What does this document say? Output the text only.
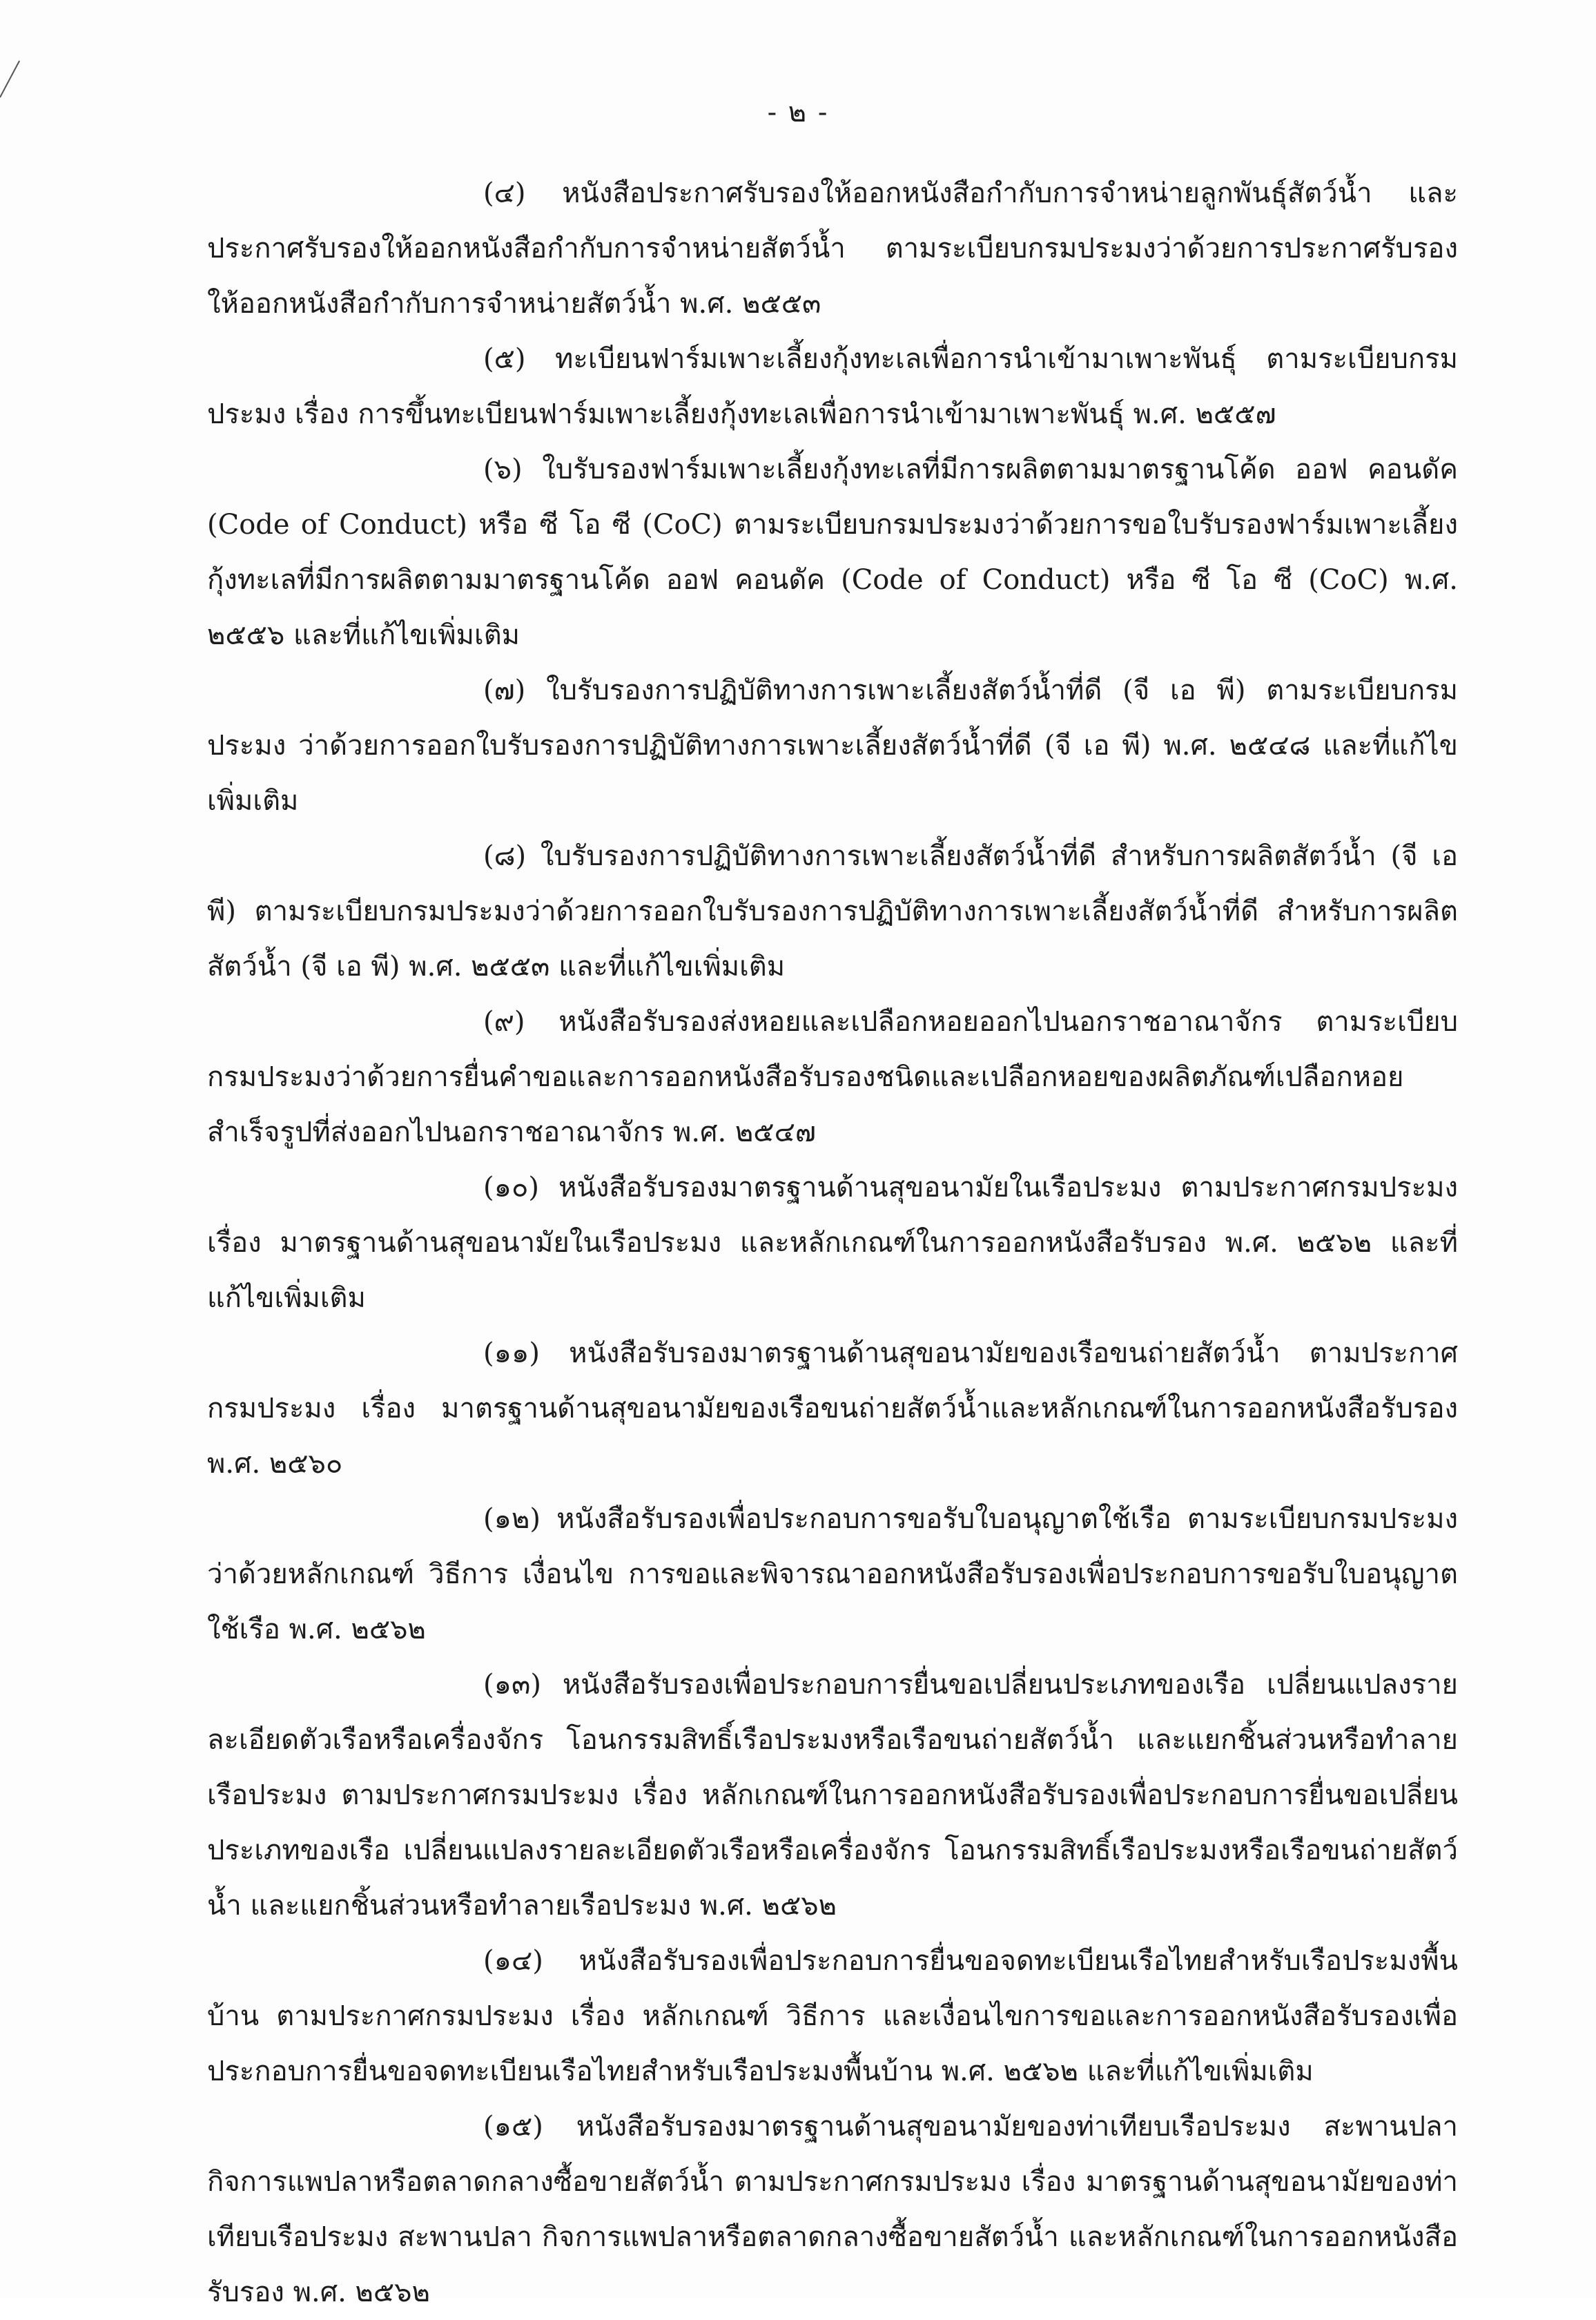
- ๒ -

(๔) หนังสือประกาศรับรองให้ออกหนังสือกำกับการจำหน่ายลูกพันธุ์สัตว์น้ำ และประกาศรับรองให้ออกหนังสือกำกับการจำหน่ายสัตว์น้ำ ตามระเบียบกรมประมงว่าด้วยการประกาศรับรองให้ออกหนังสือกำกับการจำหน่ายสัตว์น้ำ พ.ศ. ๒๕๕๓

(๕) ทะเบียนฟาร์มเพาะเลี้ยงกุ้งทะเลเพื่อการนำเข้ามาเพาะพันธุ์ ตามระเบียบกรมประมง เรื่อง การขึ้นทะเบียนฟาร์มเพาะเลี้ยงกุ้งทะเลเพื่อการนำเข้ามาเพาะพันธุ์ พ.ศ. ๒๕๕๗

(๖) ใบรับรองฟาร์มเพาะเลี้ยงกุ้งทะเลที่มีการผลิตตามมาตรฐานโค้ด ออฟ คอนดัค (Code of Conduct) หรือ ซี โอ ซี (CoC) ตามระเบียบกรมประมงว่าด้วยการขอใบรับรองฟาร์มเพาะเลี้ยงกุ้งทะเลที่มีการผลิตตามมาตรฐานโค้ด ออฟ คอนดัค (Code of Conduct) หรือ ซี โอ ซี (CoC) พ.ศ. ๒๕๕๖ และที่แก้ไขเพิ่มเติม

(๗) ใบรับรองการปฏิบัติทางการเพาะเลี้ยงสัตว์น้ำที่ดี (จี เอ พี) ตามระเบียบกรมประมง ว่าด้วยการออกใบรับรองการปฏิบัติทางการเพาะเลี้ยงสัตว์น้ำที่ดี (จี เอ พี) พ.ศ. ๒๕๔๘ และที่แก้ไขเพิ่มเติม

(๘) ใบรับรองการปฏิบัติทางการเพาะเลี้ยงสัตว์น้ำที่ดี สำหรับการผลิตสัตว์น้ำ (จี เอ พี) ตามระเบียบกรมประมงว่าด้วยการออกใบรับรองการปฏิบัติทางการเพาะเลี้ยงสัตว์น้ำที่ดี สำหรับการผลิตสัตว์น้ำ (จี เอ พี) พ.ศ. ๒๕๕๓ และที่แก้ไขเพิ่มเติม

(๙) หนังสือรับรองส่งหอยและเปลือกหอยออกไปนอกราชอาณาจักร ตามระเบียบกรมประมงว่าด้วยการยื่นคำขอและการออกหนังสือรับรองชนิดและเปลือกหอยของผลิตภัณฑ์เปลือกหอยสำเร็จรูปที่ส่งออกไปนอกราชอาณาจักร พ.ศ. ๒๕๔๗

(๑๐) หนังสือรับรองมาตรฐานด้านสุขอนามัยในเรือประมง ตามประกาศกรมประมง เรื่อง มาตรฐานด้านสุขอนามัยในเรือประมง และหลักเกณฑ์ในการออกหนังสือรับรอง พ.ศ. ๒๕๖๒ และที่แก้ไขเพิ่มเติม

(๑๑) หนังสือรับรองมาตรฐานด้านสุขอนามัยของเรือขนถ่ายสัตว์น้ำ ตามประกาศกรมประมง เรื่อง มาตรฐานด้านสุขอนามัยของเรือขนถ่ายสัตว์น้ำและหลักเกณฑ์ในการออกหนังสือรับรอง พ.ศ. ๒๕๖๐

(๑๒) หนังสือรับรองเพื่อประกอบการขอรับใบอนุญาตใช้เรือ ตามระเบียบกรมประมง ว่าด้วยหลักเกณฑ์ วิธีการ เงื่อนไข การขอและพิจารณาออกหนังสือรับรองเพื่อประกอบการขอรับใบอนุญาตใช้เรือ พ.ศ. ๒๕๖๒

(๑๓) หนังสือรับรองเพื่อประกอบการยื่นขอเปลี่ยนประเภทของเรือ เปลี่ยนแปลงรายละเอียดตัวเรือหรือเครื่องจักร โอนกรรมสิทธิ์เรือประมงหรือเรือขนถ่ายสัตว์น้ำ และแยกชิ้นส่วนหรือทำลายเรือประมง ตามประกาศกรมประมง เรื่อง หลักเกณฑ์ในการออกหนังสือรับรองเพื่อประกอบการยื่นขอเปลี่ยนประเภทของเรือ เปลี่ยนแปลงรายละเอียดตัวเรือหรือเครื่องจักร โอนกรรมสิทธิ์เรือประมงหรือเรือขนถ่ายสัตว์น้ำ และแยกชิ้นส่วนหรือทำลายเรือประมง พ.ศ. ๒๕๖๒

(๑๔) หนังสือรับรองเพื่อประกอบการยื่นขอจดทะเบียนเรือไทยสำหรับเรือประมงพื้นบ้าน ตามประกาศกรมประมง เรื่อง หลักเกณฑ์ วิธีการ และเงื่อนไขการขอและการออกหนังสือรับรองเพื่อประกอบการยื่นขอจดทะเบียนเรือไทยสำหรับเรือประมงพื้นบ้าน พ.ศ. ๒๕๖๒ และที่แก้ไขเพิ่มเติม

(๑๕) หนังสือรับรองมาตรฐานด้านสุขอนามัยของท่าเทียบเรือประมง สะพานปลา กิจการแพปลาหรือตลาดกลางซื้อขายสัตว์น้ำ ตามประกาศกรมประมง เรื่อง มาตรฐานด้านสุขอนามัยของท่าเทียบเรือประมง สะพานปลา กิจการแพปลาหรือตลาดกลางซื้อขายสัตว์น้ำ และหลักเกณฑ์ในการออกหนังสือรับรอง พ.ศ. ๒๕๖๒
